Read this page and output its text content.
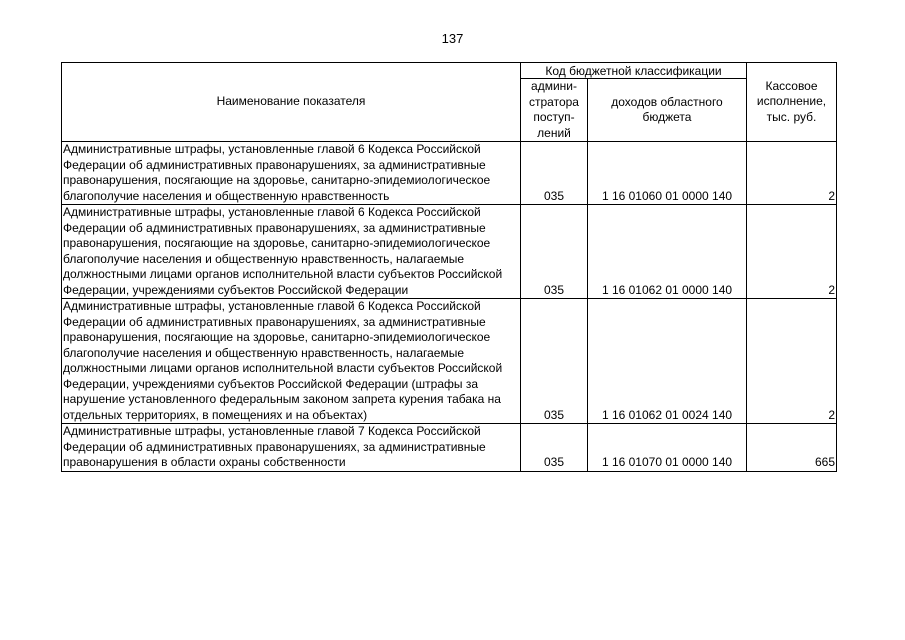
137
Наименование показателя	Код бюджетной классификации		Кассовое исполнение, тыс. руб.
	админи-стратора поступ-лений	доходов областного бюджета	
Административные штрафы, установленные главой 6 Кодекса Российской Федерации об административных правонарушениях, за административные правонарушения, посягающие на здоровье, санитарно-эпидемиологическое благополучие населения и общественную нравственность	035	1 16 01060 01 0000 140	2
Административные штрафы, установленные главой 6 Кодекса Российской Федерации об административных правонарушениях, за административные правонарушения, посягающие на здоровье, санитарно-эпидемиологическое благополучие населения и общественную нравственность, налагаемые должностными лицами органов исполнительной власти субъектов Российской Федерации, учреждениями субъектов Российской Федерации	035	1 16 01062 01 0000 140	2
Административные штрафы, установленные главой 6 Кодекса Российской Федерации об административных правонарушениях, за административные правонарушения, посягающие на здоровье, санитарно-эпидемиологическое благополучие населения и общественную нравственность, налагаемые должностными лицами органов исполнительной власти субъектов Российской Федерации, учреждениями субъектов Российской Федерации (штрафы за нарушение установленного федеральным законом запрета курения табака на отдельных территориях, в помещениях и на объектах)	035	1 16 01062 01 0024 140	2
Административные штрафы, установленные главой 7 Кодекса Российской Федерации об административных правонарушениях, за административные правонарушения в области охраны собственности	035	1 16 01070 01 0000 140	665
